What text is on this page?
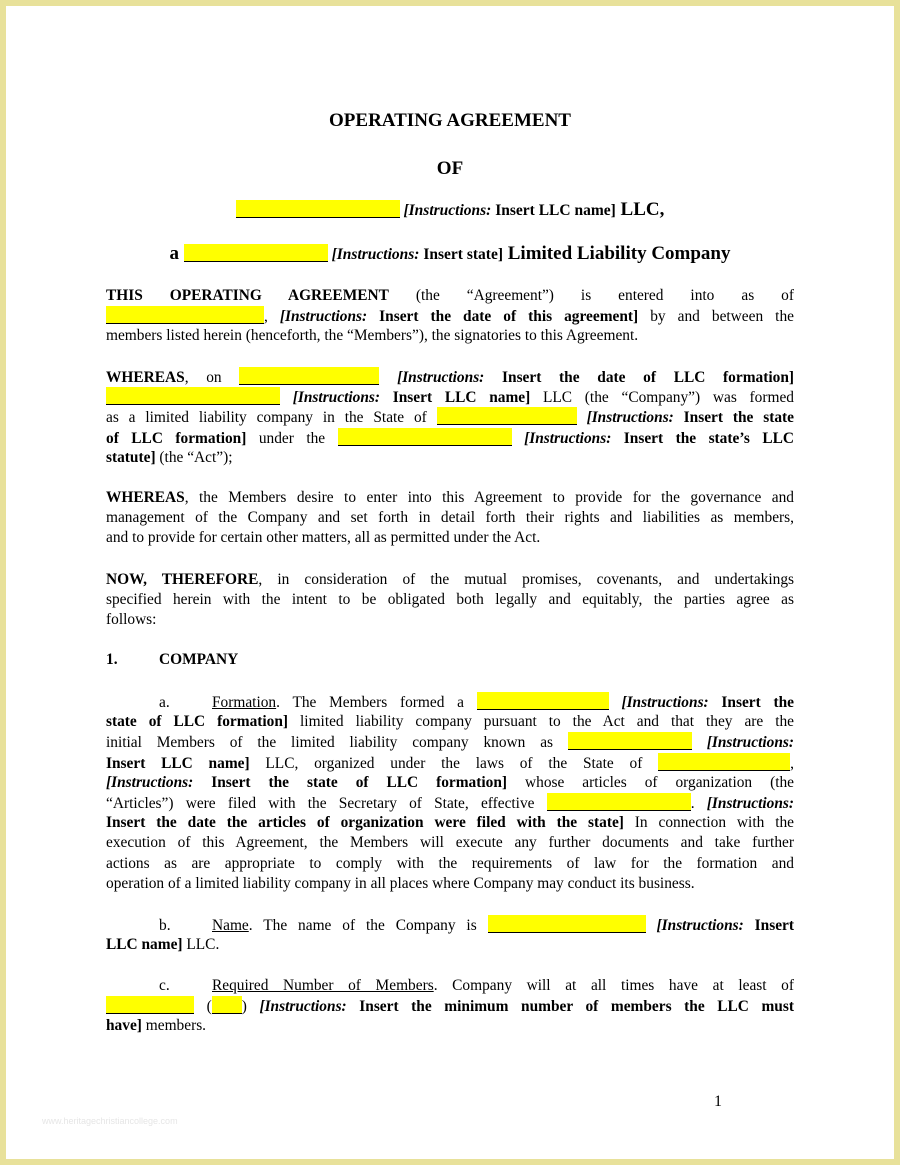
OPERATING AGREEMENT
OF
[Instructions: Insert LLC name] LLC,
a	[Instructions: Insert state] Limited Liability Company
THIS OPERATING AGREEMENT (the “Agreement”) is entered into as of
, [Instructions: Insert the date of this agreement] by and between the
members listed herein (henceforth, the “Members”), the signatories to this Agreement.
WHEREAS, on	[Instructions: Insert the date of LLC formation]
[Instructions: Insert LLC name] LLC (the “Company”) was formed
as a limited liability company in the State of	[Instructions: Insert the state
of LLC formation] under the	[Instructions: Insert the state’s LLC
statute] (the “Act”);
WHEREAS, the Members desire to enter into this Agreement to provide for the governance and
management of the Company and set forth in detail forth their rights and liabilities as members,
and to provide for certain other matters, all as permitted under the Act.
NOW, THEREFORE, in consideration of the mutual promises, covenants, and undertakings
specified herein with the intent to be obligated both legally and equitably, the parties agree as
follows:
1.	COMPANY
a.	Formation. The Members formed a	[Instructions: Insert the
state of LLC formation] limited liability company pursuant to the Act and that they are the
initial Members of the limited liability company known as	[Instructions:
Insert LLC name] LLC, organized under the laws of the State of	,
[Instructions: Insert the state of LLC formation] whose articles of organization (the
“Articles”) were filed with the Secretary of State, effective	. [Instructions:
Insert the date the articles of organization were filed with the state] In connection with the
execution of this Agreement, the Members will execute any further documents and take further
actions as are appropriate to comply with the requirements of law for the formation and
operation of a limited liability company in all places where Company may conduct its business.
b.	Name. The name of the Company is	[Instructions: Insert
LLC name] LLC.
c.	Required Number of Members. Company will at all times have at least of
( ) [Instructions: Insert the minimum number of members the LLC must
have] members.
1
www.heritagechristiancollege.com
